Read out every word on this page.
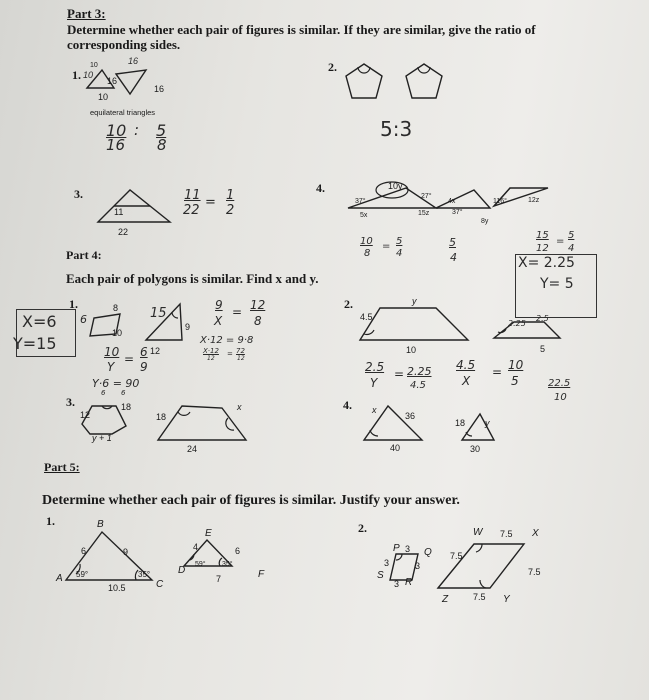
Part 3:
Determine whether each pair of figures is similar. If they are similar, give the ratio of corresponding sides.
1. 10
16
10
16
16
10
equilateral triangles
10 : 5
16 8
2.
5:3
3.
11
22
11
22
= 1
2
4.	10y
37°
27°
5x	15z
4x	116°	12z
37°
8y
10
8
= 5
4
5
4
15
12
=
5
4
Part 4:
Each pair of polygons is similar. Find x and y.
1.
X=6
Y=15
8
6
10
15
9
12
9
X
= 12
8
X·12 = 9·8
X·12
12
= 72
12
10
Y
= 6
9
Y·6 = 90
6 6
2.
X= 2.25
Y= 5
y
4.5
10
2.25
2.5
5
2.5
Y
= 2.25
4.5
4.5
X
= 10
5
3.
12
18
y + 1
18
x
24
4. x
36
40
18 y
30
22.5
10
Part 5:
Determine whether each pair of figures is similar. Justify your answer.
1.	B
6	9
A 59°	35°
10.5	C
E
4	6
D
59° 35°
F
7
2.
P 3 Q
3	3
S
3 R
W 7.5 X
7.5
7.5
Z	7.5 Y
